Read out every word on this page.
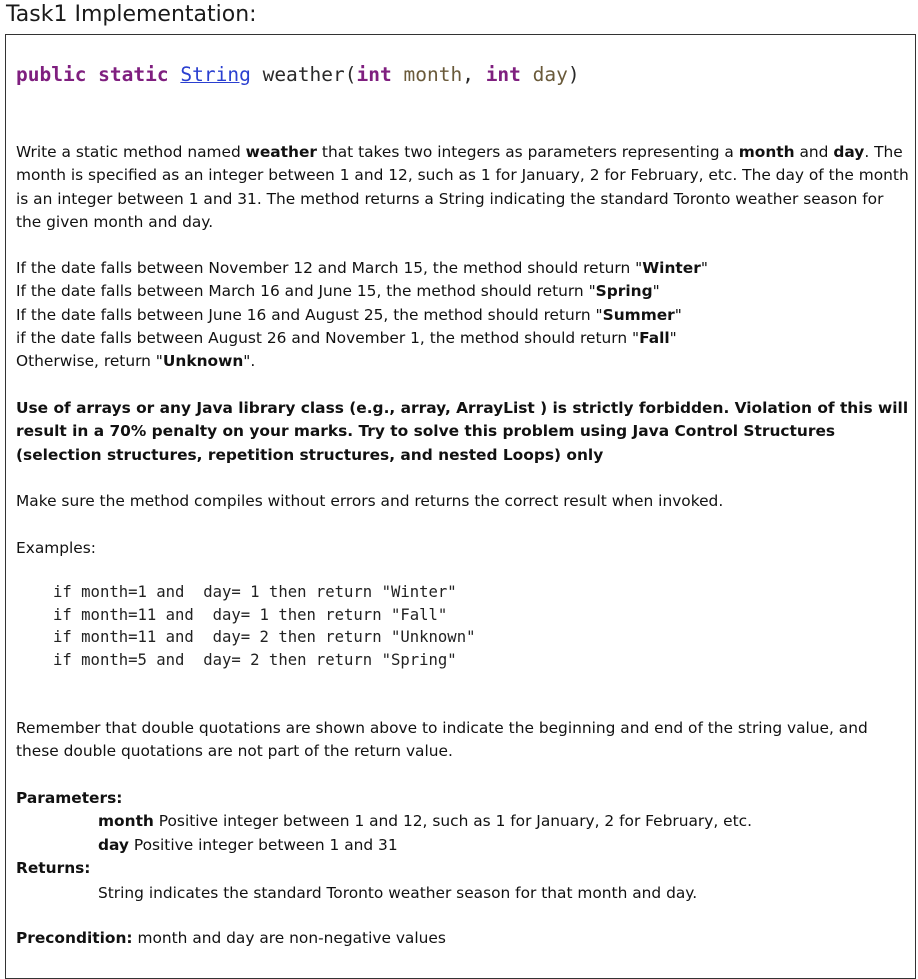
Task1 Implementation:
public static String weather(int month, int day)

Write a static method named weather that takes two integers as parameters representing a month and day. The month is specified as an integer between 1 and 12, such as 1 for January, 2 for February, etc. The day of the month is an integer between 1 and 31. The method returns a String indicating the standard Toronto weather season for the given month and day.

If the date falls between November 12 and March 15, the method should return "Winter"

If the date falls between March 16 and June 15, the method should return "Spring"

If the date falls between June 16 and August 25, the method should return "Summer"

if the date falls between August 26 and November 1, the method should return "Fall"

Otherwise, return "Unknown".

Use of arrays or any Java library class (e.g., array, ArrayList ) is strictly forbidden. Violation of this will result in a 70% penalty on your marks. Try to solve this problem using Java Control Structures (selection structures, repetition structures, and nested Loops) only

Make sure the method compiles without errors and returns the correct result when invoked.

Examples:

if month=1 and  day= 1 then return "Winter"
if month=11 and  day= 1 then return "Fall"
if month=11 and  day= 2 then return "Unknown"
if month=5 and  day= 2 then return "Spring"

Remember that double quotations are shown above to indicate the beginning and end of the string value, and these double quotations are not part of the return value.

Parameters:

month Positive integer between 1 and 12, such as 1 for January, 2 for February, etc.

day Positive integer between 1 and 31

Returns:

String indicates the standard Toronto weather season for that month and day.

Precondition: month and day are non-negative values
